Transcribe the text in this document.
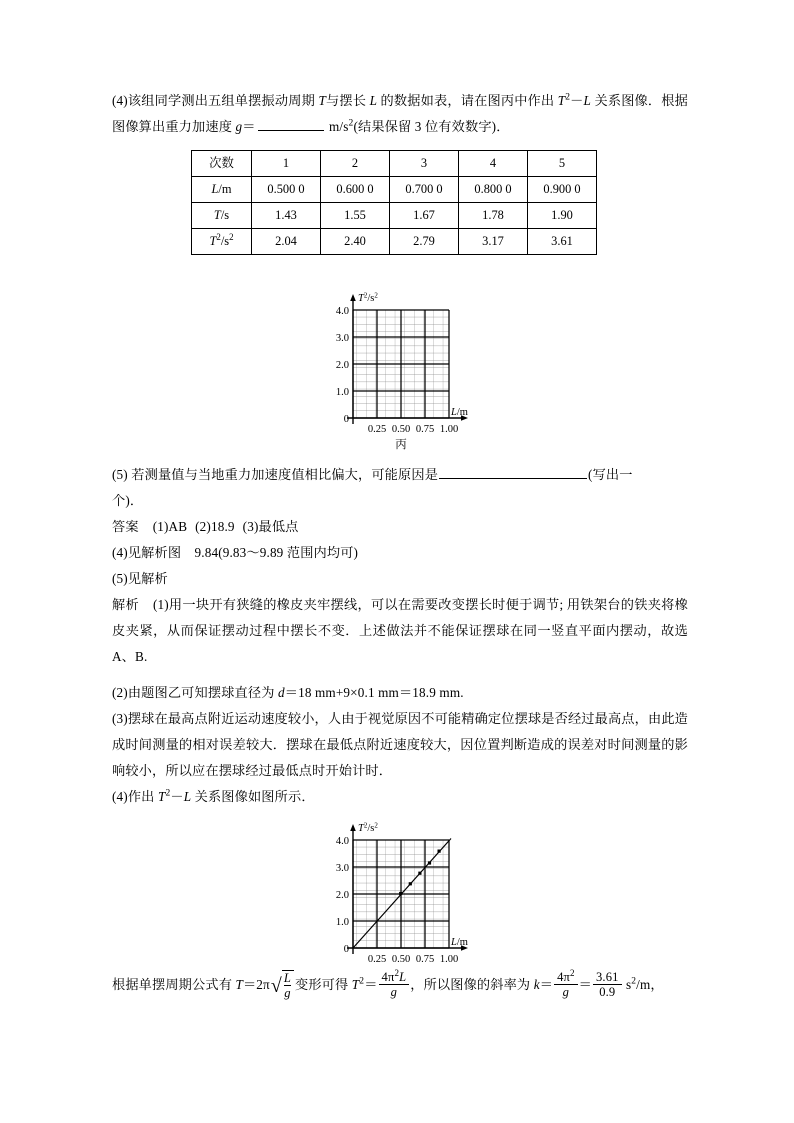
(4)该组同学测出五组单摆振动周期 T与摆长 L 的数据如表，请在图丙中作出 $T^2-L$ 关系图像．根据图像算出重力加速度 g＝	$m/s^2$(结果保留 3 位有效数字)．

次数	1	2	3	4	5
L/m	0.500 0	0.600 0	0.700 0	0.800 0	0.900 0
T/s	1.43	1.55	1.67	1.78	1.90
$T^2/s^2$	2.04	2.40	2.79	3.17	3.61
$T^2/s^2$
L/m
4.0
3.0
2.0
1.0
0
0.25 0.50 0.75 1.00
丙

(5) 若测量值与当地重力加速度值相比偏大，可能原因是	(写出一

个)．

答案 (1)AB (2)18.9 (3)最低点

(4)见解析图　9.84(9.83～9.89 范围内均可)

(5)见解析

解析 (1)用一块开有狭缝的橡皮夹牢摆线，可以在需要改变摆长时便于调节; 用铁架台的铁夹将橡皮夹紧，从而保证摆动过程中摆长不变．上述做法并不能保证摆球在同一竖直平面内摆动，故选 A、B.

(2)由题图乙可知摆球直径为 d＝18 mm+9×0.1 mm＝18.9 mm.

(3)摆球在最高点附近运动速度较小，人由于视觉原因不可能精确定位摆球是否经过最高点，由此造成时间测量的相对误差较大．摆球在最低点附近速度较大，因位置判断造成的误差对时间测量的影响较小，所以应在摆球经过最低点时开始计时．

(4)作出 $T^2-L$ 关系图像如图所示．

$T^2/s^2$
L/m
4.0
3.0
2.0
1.0
0
0.25 0.50 0.75 1.00

根据单摆周期公式有 $T=2\pi√ \frac{L}{g}$ 变形可得 $T^2= \frac{4\pi^2L}{g}$ ，所以图像的斜率为 $k= \frac{4\pi^2}{g} = \frac{3.61}{0.9} s^2/m$，
